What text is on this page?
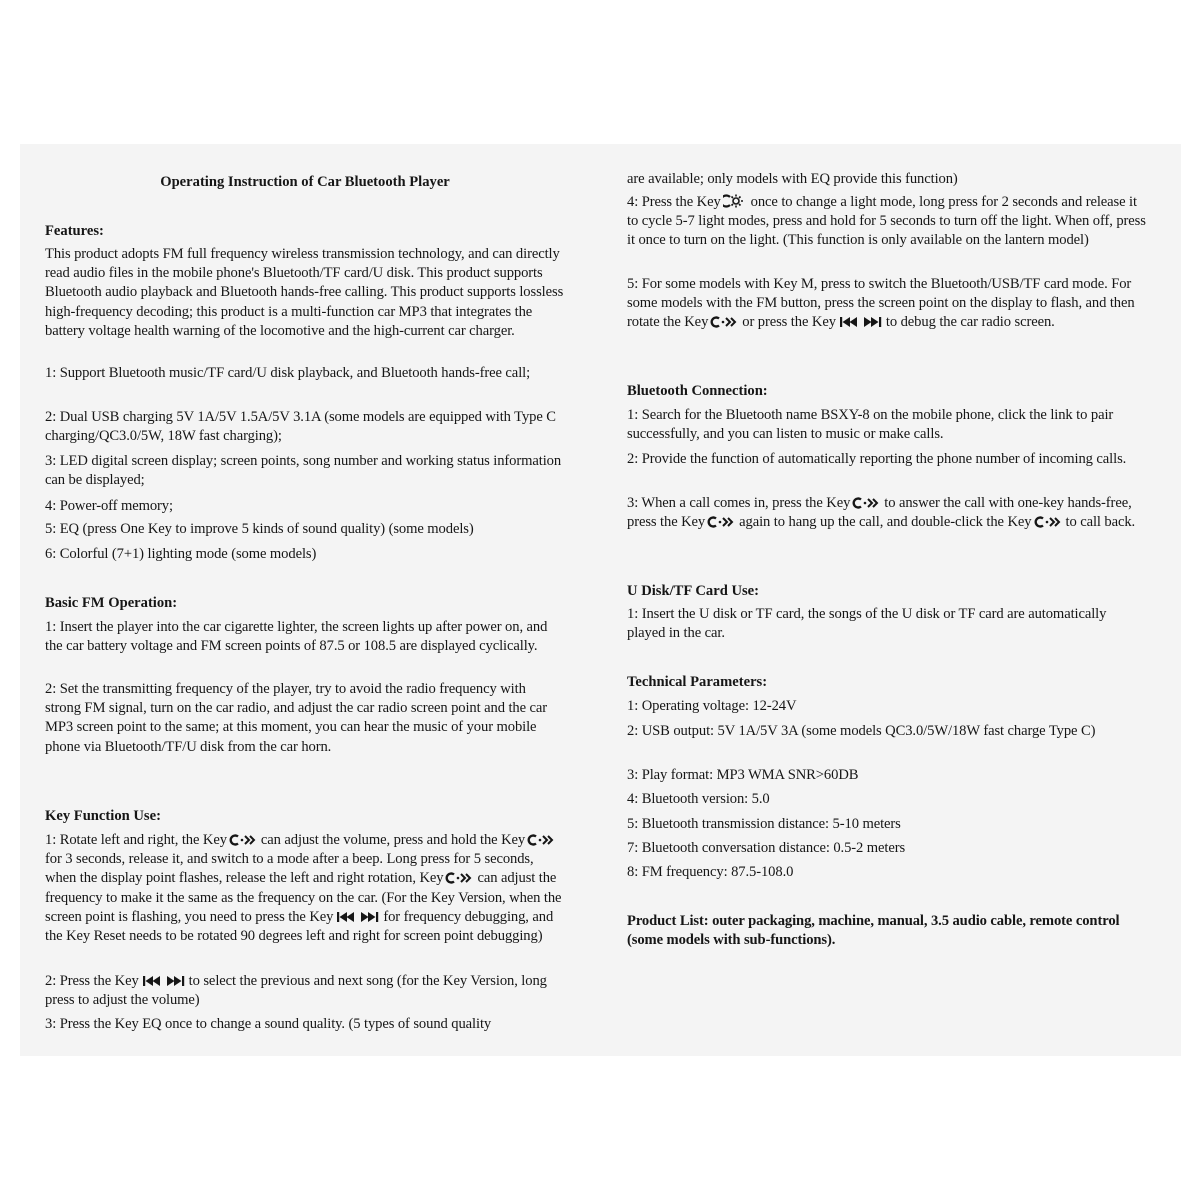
Operating Instruction of Car Bluetooth Player
Features:
This product adopts FM full frequency wireless transmission technology, and can directly read audio files in the mobile phone's Bluetooth/TF card/U disk. This product supports Bluetooth audio playback and Bluetooth hands-free calling. This product supports lossless high-frequency decoding; this product is a multi-function car MP3 that integrates the battery voltage health warning of the locomotive and the high-current car charger.
1: Support Bluetooth music/TF card/U disk playback, and Bluetooth hands-free call;
2: Dual USB charging 5V 1A/5V 1.5A/5V 3.1A (some models are equipped with Type C charging/QC3.0/5W, 18W fast charging);
3: LED digital screen display; screen points, song number and working status information can be displayed;
4: Power-off memory;
5: EQ (press One Key to improve 5 kinds of sound quality) (some models)
6: Colorful (7+1) lighting mode (some models)
Basic FM Operation:
1: Insert the player into the car cigarette lighter, the screen lights up after power on, and the car battery voltage and FM screen points of 87.5 or 108.5 are displayed cyclically.
2: Set the transmitting frequency of the player, try to avoid the radio frequency with strong FM signal, turn on the car radio, and adjust the car radio screen point and the car MP3 screen point to the same; at this moment, you can hear the music of your mobile phone via Bluetooth/TF/U disk from the car horn.
Key Function Use:
1: Rotate left and right, the Key can adjust the volume, press and hold the Key
for 3 seconds, release it, and switch to a mode after a beep. Long press for 5 seconds, when the display point flashes, release the left and right rotation, Key can adjust the frequency to make it the same as the frequency on the car. (For the Key Version, when the screen point is flashing, you need to press the Key	for frequency debugging, and the Key Reset needs to be rotated 90 degrees left and right for screen point debugging)
2: Press the Key	to select the previous and next song (for the Key Version, long press to adjust the volume)
3: Press the Key EQ once to change a sound quality. (5 types of sound quality
are available; only models with EQ provide this function)
4: Press the Key once to change a light mode, long press for 2 seconds and release it to cycle 5-7 light modes, press and hold for 5 seconds to turn off the light. When off, press it once to turn on the light. (This function is only available on the lantern model)
5: For some models with Key M, press to switch the Bluetooth/USB/TF card mode. For some models with the FM button, press the screen point on the display to flash, and then rotate the Key or press the Key	to debug the car radio screen.
Bluetooth Connection:
1: Search for the Bluetooth name BSXY-8 on the mobile phone, click the link to pair successfully, and you can listen to music or make calls.
2: Provide the function of automatically reporting the phone number of incoming calls.
3: When a call comes in, press the Key to answer the call with one-key hands-free, press the Key again to hang up the call, and double-click the Key to call back.
U Disk/TF Card Use:
1: Insert the U disk or TF card, the songs of the U disk or TF card are automatically played in the car.
Technical Parameters:
1: Operating voltage: 12-24V
2: USB output: 5V 1A/5V 3A (some models QC3.0/5W/18W fast charge Type C)
3: Play format: MP3 WMA SNR>60DB
4: Bluetooth version: 5.0
5: Bluetooth transmission distance: 5-10 meters
7: Bluetooth conversation distance: 0.5-2 meters
8: FM frequency: 87.5-108.0
Product List: outer packaging, machine, manual, 3.5 audio cable, remote control (some models with sub-functions).
